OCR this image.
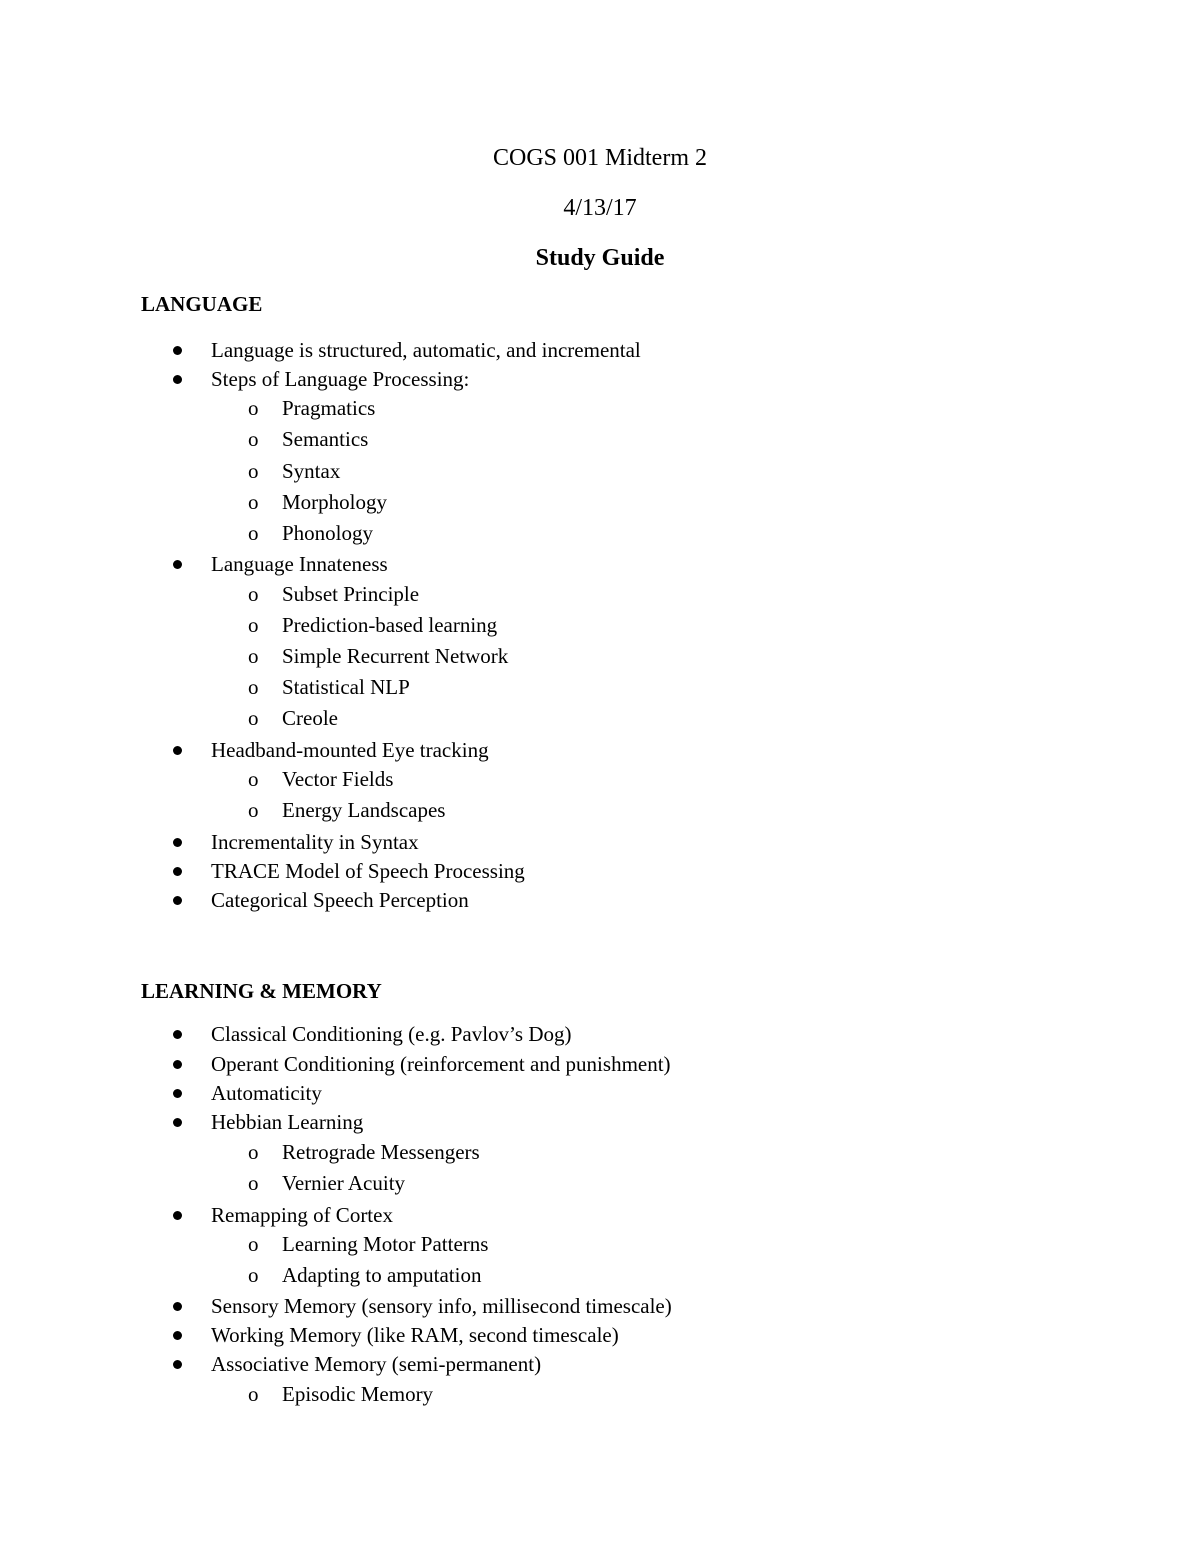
COGS 001 Midterm 2
4/13/17
Study Guide
LANGUAGE
Language is structured, automatic, and incremental
Steps of Language Processing:
o Pragmatics
o Semantics
o Syntax
o Morphology
o Phonology
Language Innateness
o Subset Principle
o Prediction-based learning
o Simple Recurrent Network
o Statistical NLP
o Creole
Headband-mounted Eye tracking
o Vector Fields
o Energy Landscapes
Incrementality in Syntax
TRACE Model of Speech Processing
Categorical Speech Perception
LEARNING & MEMORY
Classical Conditioning (e.g. Pavlov’s Dog)
Operant Conditioning (reinforcement and punishment)
Automaticity
Hebbian Learning
o Retrograde Messengers
o Vernier Acuity
Remapping of Cortex
o Learning Motor Patterns
o Adapting to amputation
Sensory Memory (sensory info, millisecond timescale)
Working Memory (like RAM, second timescale)
Associative Memory (semi-permanent)
o Episodic Memory
